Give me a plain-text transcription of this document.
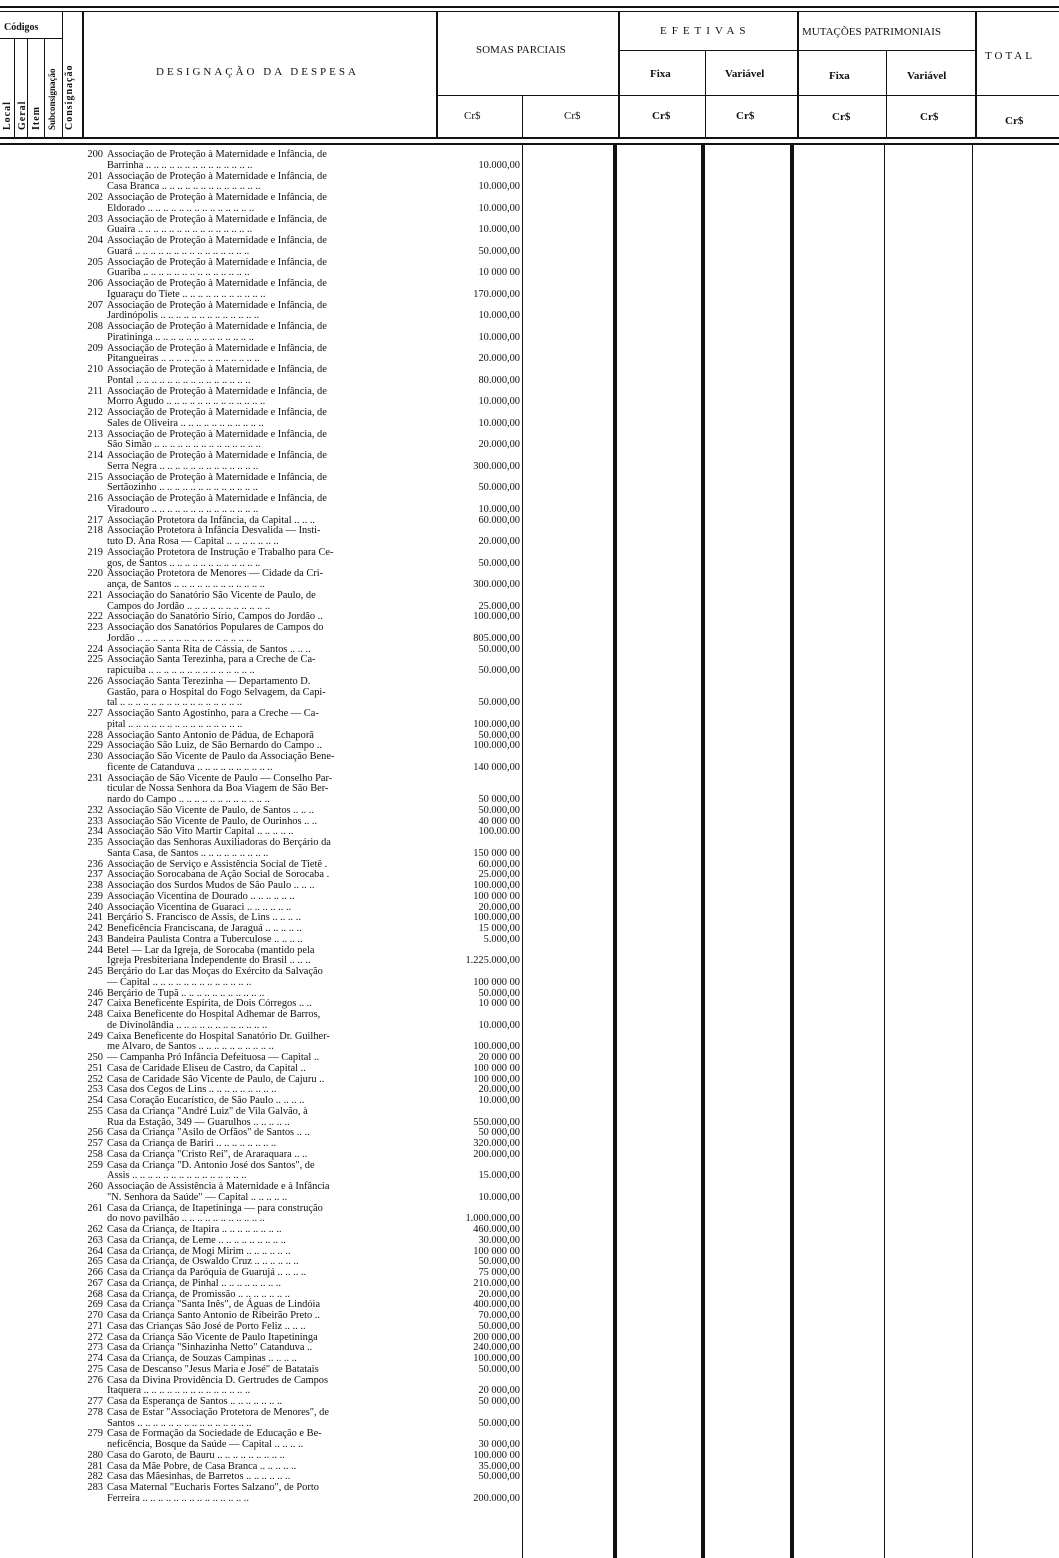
Códigos
Local Geral Item Subconsignação Consignação	DESIGNAÇÃO DA DESPESA
SOMAS PARCIAIS
EFETIVAS	MUTAÇÕES PATRIMONIAIS
TOTAL
Fixa	Variável	Fixa	Variável
Cr$	Cr$	Cr$	Cr$	Cr$	Cr$	Cr$
200 Associação de Proteção à Maternidade e Infância, de
Barrinha .. .. .. .. .. .. .. .. .. .. .. .. .. ..	10.000,00
201 Associação de Proteção à Maternidade e Infância, de
Casa Branca .. .. .. .. .. .. .. .. .. .. .. .. ..	10.000,00
202 Associação de Proteção à Maternidade e Infância, de
Eldorado .. .. .. .. .. .. .. .. .. .. .. .. .. ..	10.000,00
203 Associação de Proteção à Maternidade e Infância, de
Guaira .. .. .. .. .. .. .. .. .. .. .. .. .. .. ..	10.000,00
204 Associação de Proteção à Maternidade e Infância, de
Guará .. .. .. .. .. .. .. .. .. .. .. .. .. .. ..	50.000,00
205 Associação de Proteção à Maternidade e Infância, de
Guariba .. .. .. .. .. .. .. .. .. .. .. .. .. ..	10 000 00
206 Associação de Proteção à Maternidade e Infância, de
Iguaraçu do Tiete .. .. .. .. .. .. .. .. .. .. ..	170.000,00
207 Associação de Proteção à Maternidade e Infância, de
Jardinópolis .. .. .. .. .. .. .. .. .. .. .. .. ..	10.000,00
208 Associação de Proteção à Maternidade e Infância, de
Piratininga .. .. .. .. .. .. .. .. .. .. .. .. ..	10.000,00
209 Associação de Proteção à Maternidade e Infância, de
Pitangueiras .. .. .. .. .. .. .. .. .. .. .. .. ..	20.000,00
210 Associação de Proteção à Maternidade e Infância, de
Pontal .. .. .. .. .. .. .. .. .. .. .. .. .. .. ..	80.000,00
211 Associação de Proteção à Maternidade e Infância, de
Morro Agudo .. .. .. .. .. .. .. .. .. .. .. .. ..	10.000,00
212 Associação de Proteção à Maternidade e Infância, de
Sales de Oliveira .. .. .. .. .. .. .. .. .. .. ..	10.000,00
213 Associação de Proteção à Maternidade e Infância, de
São Simão .. .. .. .. .. .. .. .. .. .. .. .. .. ..	20.000,00
214 Associação de Proteção à Maternidade e Infância, de
Serra Negra .. .. .. .. .. .. .. .. .. .. .. .. ..	300.000,00
215 Associação de Proteção à Maternidade e Infância, de
Sertãozinho .. .. .. .. .. .. .. .. .. .. .. .. ..	50.000,00
216 Associação de Proteção à Maternidade e Infância, de
Viradouro .. .. .. .. .. .. .. .. .. .. .. .. .. ..	10.000,00
217 Associação Protetora da Infância, da Capital .. .. ..	60.000,00
218 Associação Protetora à Infância Desvalida — Insti-
tuto D. Ana Rosa — Capital .. .. .. .. .. .. ..	20.000,00
219 Associação Protetora de Instrução e Trabalho para Ce-
gos, de Santos .. .. .. .. .. .. .. .. .. .. .. ..	50.000,00
220 Associação Protetora de Menores — Cidade da Cri-
ança, de Santos .. .. .. .. .. .. .. .. .. .. .. ..	300.000,00
221 Associação do Sanatório São Vicente de Paulo, de
Campos do Jordão .. .. .. .. .. .. .. .. .. .. ..	25.000,00
222 Associação do Sanatório Sírio, Campos do Jordão ..	100.000,00
223 Associação dos Sanatórios Populares de Campos do
Jordão .. .. .. .. .. .. .. .. .. .. .. .. .. .. ..	805.000,00
224 Associação Santa Rita de Cássia, de Santos .. .. ..	50.000,00
225 Associação Santa Terezinha, para a Creche de Ca-
rapicuiba .. .. .. .. .. .. .. .. .. .. .. .. .. ..	50.000,00
226 Associação Santa Terezinha — Departamento D.
Gastão, para o Hospital do Fogo Selvagem, da Capi-
tal .. .. .. .. .. .. .. .. .. .. .. .. .. .. .. ..	50.000,00
227 Associação Santo Agostinho, para a Creche — Ca-
pital .. .. .. .. .. .. .. .. .. .. .. .. .. .. ..	100.000,00
228 Associação Santo Antonio de Pádua, de Echaporã	50.000,00
229 Associação São Luiz, de São Bernardo do Campo ..	100.000,00
230 Associação São Vicente de Paulo da Associação Bene-
ficente de Catanduva .. .. .. .. .. .. .. .. .. ..	140 000,00
231 Associação de São Vicente de Paulo — Conselho Par-
ticular de Nossa Senhora da Boa Viagem de São Ber-
nardo do Campo .. .. .. .. .. .. .. .. .. .. .. ..	50 000,00
232 Associação São Vicente de Paulo, de Santos .. .. ..	50.000,00
233 Associação São Vicente de Paulo, de Ourinhos .. ..	40 000 00
234 Associação São Vito Martir Capital .. .. .. .. ..	100.00.00
235 Associação das Senhoras Auxiliadoras do Berçário da
Santa Casa, de Santos .. .. .. .. .. .. .. .. ..	150 000 00
236 Associação de Serviço e Assistência Social de Tietê .	60.000,00
237 Associação Sorocabana de Ação Social de Sorocaba .	25.000,00
238 Associação dos Surdos Mudos de São Paulo .. .. ..	100.000,00
239 Associação Vicentina de Dourado .. .. .. .. .. ..	100 000 00
240 Associação Vicentina de Guaraci .. .. .. .. .. ..	20.000,00
241 Berçário S. Francisco de Assis, de Lins .. .. .. ..	100.000,00
242 Beneficência Franciscana, de Jaraguá .. .. .. .. ..	15 000,00
243 Bandeira Paulista Contra a Tuberculose .. .. .. ..	5.000,00
244 Betel — Lar da Igreja, de Sorocaba (mantido pela
Igreja Presbiteriana Independente do Brasil .. .. ..	1.225.000,00
245 Berçário do Lar das Moças do Exército da Salvação
— Capital .. .. .. .. .. .. .. .. .. .. .. .. ..	100 000 00
246 Berçário de Tupã .. .. .. .. .. .. .. .. .. .. ..	50.000,00
247 Caixa Beneficente Espírita, de Dois Córregos .. ..	10 000 00
248 Caixa Beneficente do Hospital Adhemar de Barros,
de Divinolândia .. .. .. .. .. .. .. .. .. .. .. ..	10.000,00
249 Caixa Beneficente do Hospital Sanatório Dr. Guilher-
me Alvaro, de Santos .. .. .. .. .. .. .. .. .. ..	100.000,00
250 — Campanha Pró Infância Defeituosa — Capital ..	20 000 00
251 Casa de Caridade Eliseu de Castro, da Capital ..	100 000 00
252 Casa de Caridade São Vicente de Paulo, de Cajuru ..	100 000,00
253 Casa dos Cegos de Lins .. .. .. .. .. .. .. .. ..	20.000,00
254 Casa Coração Eucarístico, de São Paulo .. .. .. ..	10.000,00
255 Casa da Criança "André Luiz" de Vila Galvão, à
Rua da Estação, 349 — Guarulhos .. .. .. .. ..	550.000,00
256 Casa da Criança "Asilo de Orfãos" de Santos .. ..	50 000,00
257 Casa da Criança de Bariri .. .. .. .. .. .. .. ..	320.000,00
258 Casa da Criança "Cristo Rei", de Araraquara .. ..	200.000,00
259 Casa da Criança "D. Antonio José dos Santos", de
Assis .. .. .. .. .. .. .. .. .. .. .. .. .. .. ..	15.000,00
260 Associação de Assistência à Maternidade e à Infância
"N. Senhora da Saúde" — Capital .. .. .. .. ..	10.000,00
261 Casa da Criança, de Itapetininga — para construção
do novo pavilhão .. .. .. .. .. .. .. .. .. .. ..	1.000.000,00
262 Casa da Criança, de Itapira .. .. .. .. .. .. .. ..	460.000,00
263 Casa da Criança, de Leme .. .. .. .. .. .. .. .. ..	30.000,00
264 Casa da Criança, de Mogi Mirim .. .. .. .. .. ..	100 000 00
265 Casa da Criança, de Oswaldo Cruz .. .. .. .. .. ..	50.000,00
266 Casa da Criança da Paróquia de Guarujá .. .. .. ..	75 000,00
267 Casa da Criança, de Pinhal .. .. .. .. .. .. .. ..	210.000,00
268 Casa da Criança, de Promissão .. .. .. .. .. .. ..	20.000,00
269 Casa da Criança "Santa Inês", de Águas de Lindóia	400.000,00
270 Casa da Criança Santo Antonio de Ribeirão Preto ..	70.000,00
271 Casa das Crianças São José de Porto Feliz .. .. ..	50.000,00
272 Casa da Criança São Vicente de Paulo Itapetininga	200 000,00
273 Casa da Criança "Sinhazinha Netto" Catanduva ..	240.000,00
274 Casa da Criança, de Souzas Campinas .. .. .. ..	100.000,00
275 Casa de Descanso "Jesus Maria e José" de Batatais	50.000,00
276 Casa da Divina Providência D. Gertrudes de Campos
Itaquera .. .. .. .. .. .. .. .. .. .. .. .. .. ..	20 000,00
277 Casa da Esperança de Santos .. .. .. .. .. .. ..	50 000,00
278 Casa de Estar "Associação Protetora de Menores", de
Santos .. .. .. .. .. .. .. .. .. .. .. .. .. .. ..	50.000,00
279 Casa de Formação da Sociedade de Educação e Be-
neficência, Bosque da Saúde — Capital .. .. .. ..	30 000,00
280 Casa do Garoto, de Bauru .. .. .. .. .. .. .. .. ..	100.000 00
281 Casa da Mãe Pobre, de Casa Branca .. .. .. .. ..	35.000,00
282 Casa das Mãesinhas, de Barretos .. .. .. .. .. ..	50.000,00
283 Casa Maternal "Eucharis Fortes Salzano", de Porto
Ferreira .. .. .. .. .. .. .. .. .. .. .. .. .. ..	200.000,00
